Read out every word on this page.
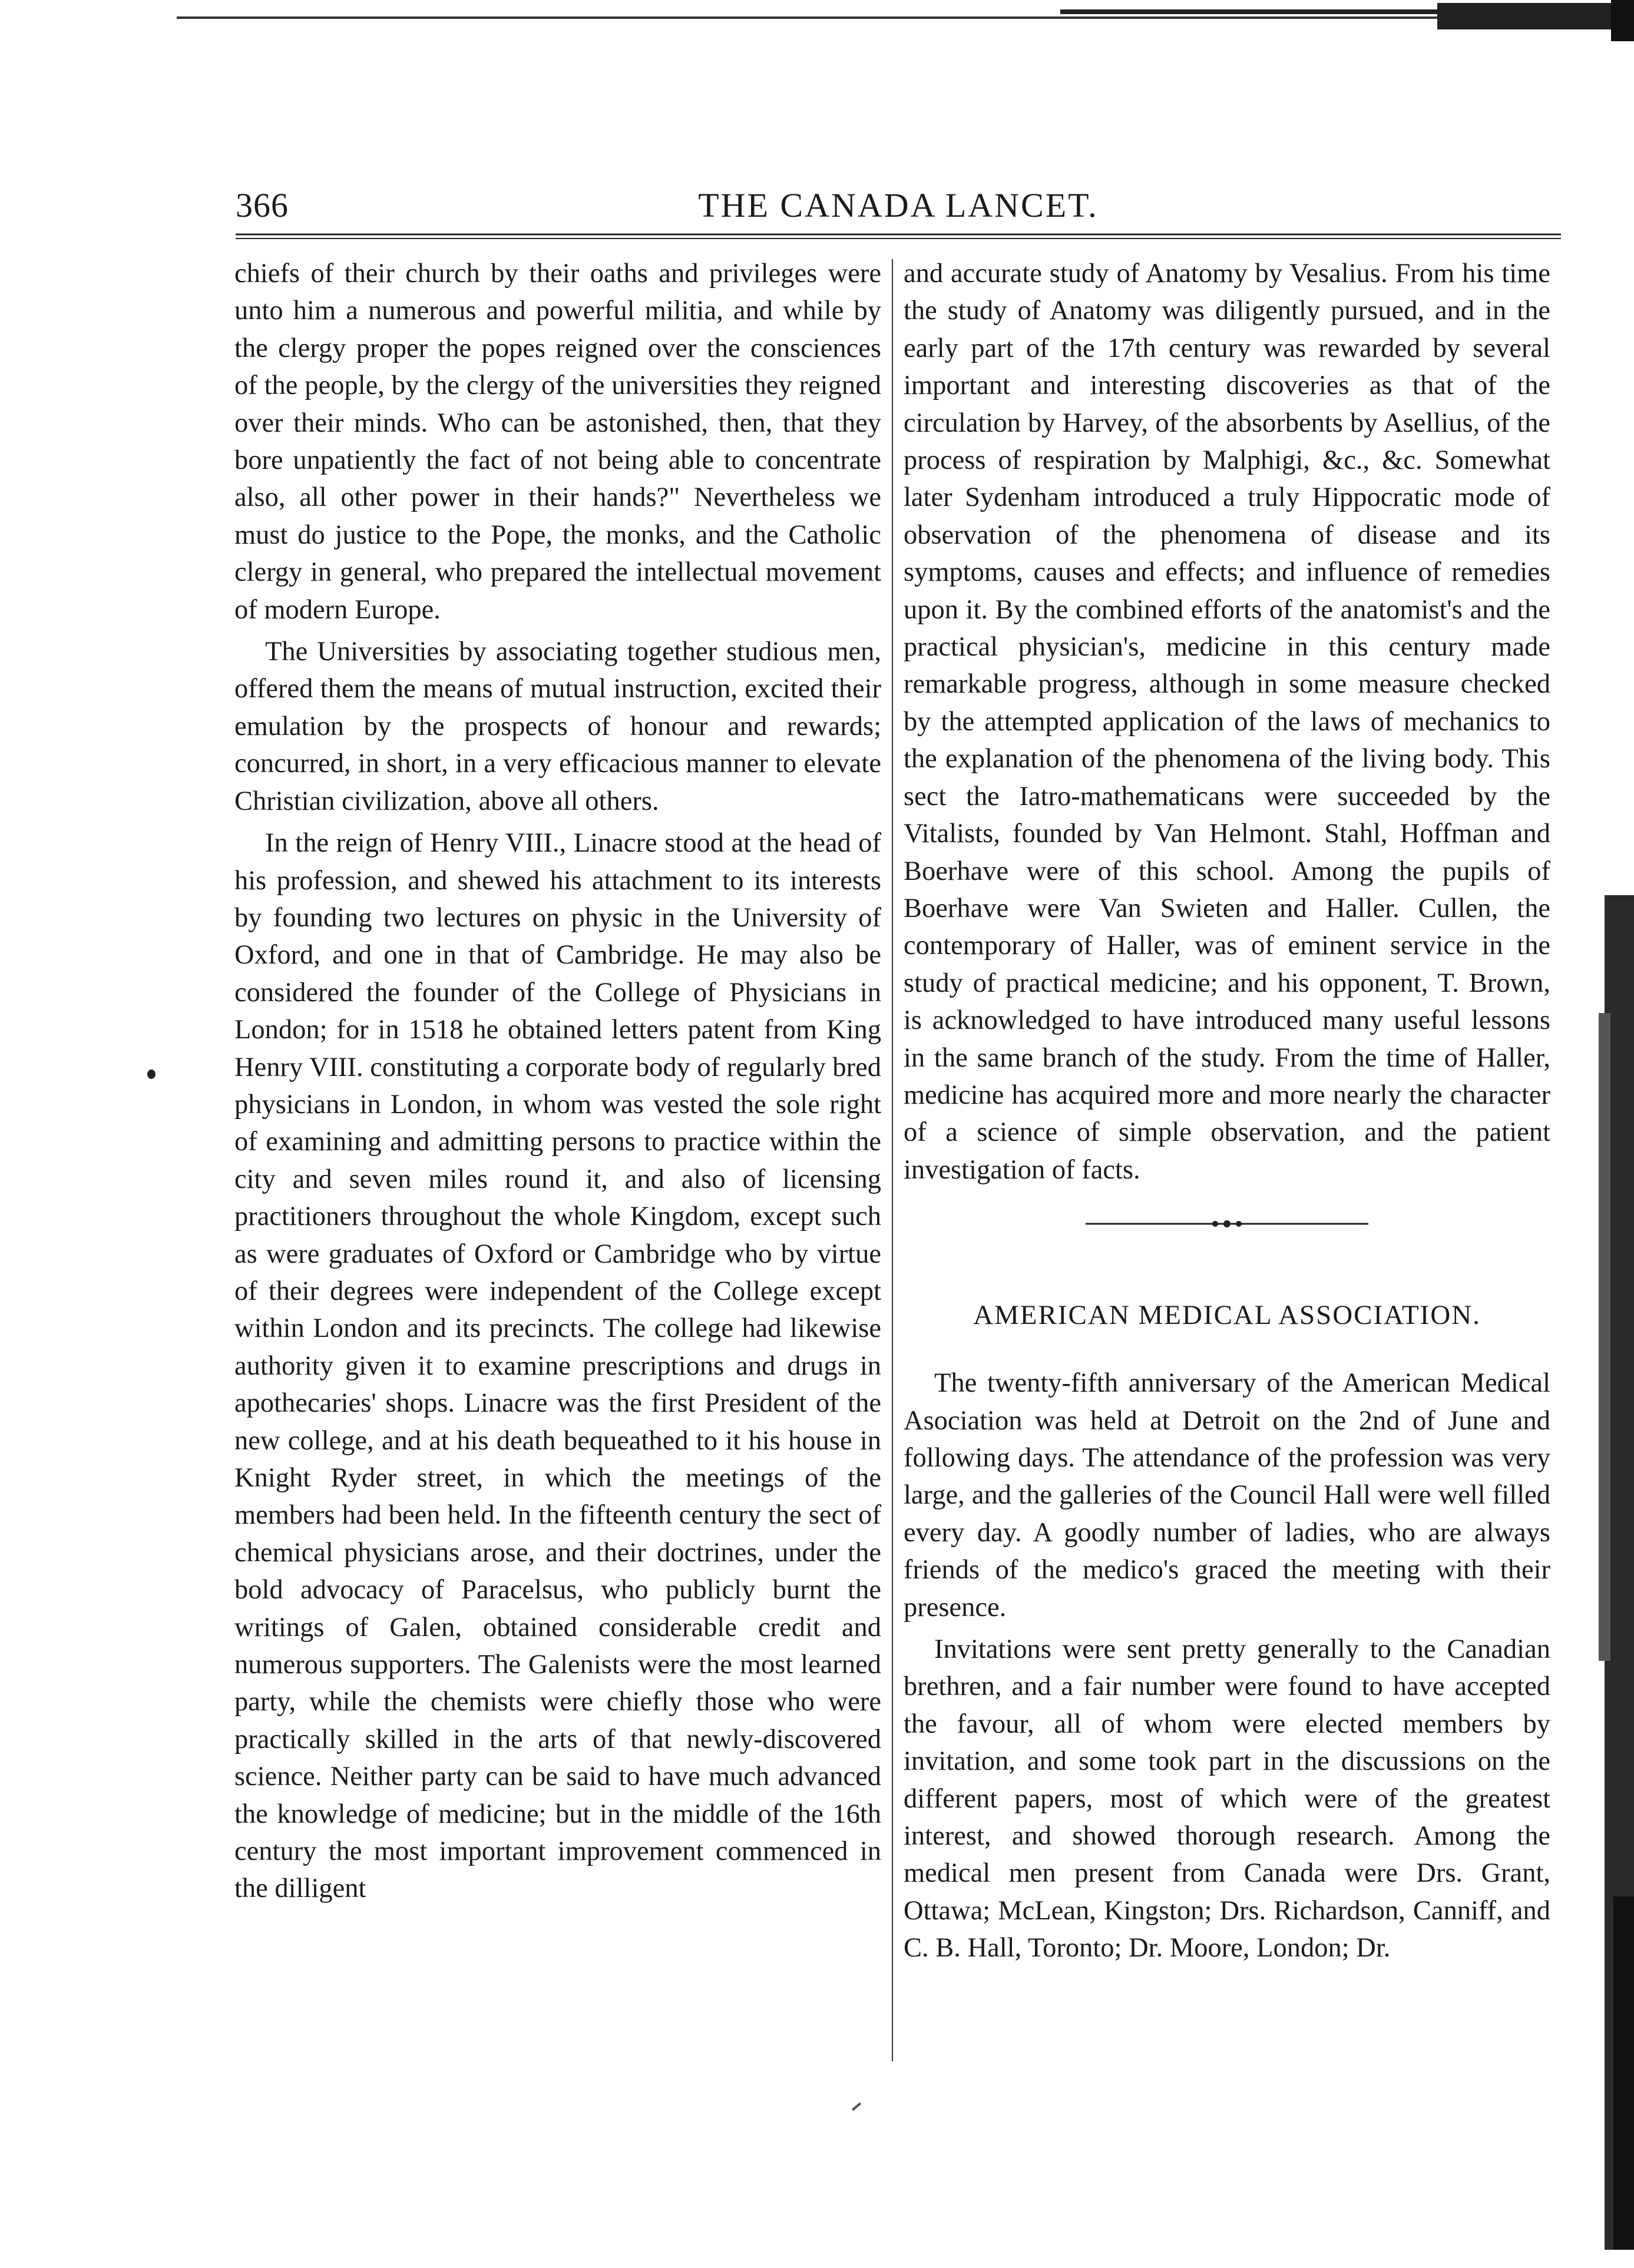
366	THE CANADA LANCET.

chiefs of their church by their oaths and privileges were unto him a numerous and powerful militia, and while by the clergy proper the popes reigned over the consciences of the people, by the clergy of the universities they reigned over their minds. Who can be astonished, then, that they bore unpatiently the fact of not being able to concentrate also, all other power in their hands?" Nevertheless we must do justice to the Pope, the monks, and the Catholic clergy in general, who prepared the intellectual movement of modern Europe.

The Universities by associating together studious men, offered them the means of mutual instruction, excited their emulation by the prospects of honour and rewards; concurred, in short, in a very efficacious manner to elevate Christian civilization, above all others.

In the reign of Henry VIII., Linacre stood at the head of his profession, and shewed his attachment to its interests by founding two lectures on physic in the University of Oxford, and one in that of Cambridge. He may also be considered the founder of the College of Physicians in London; for in 1518 he obtained letters patent from King Henry VIII. constituting a corporate body of regularly bred physicians in London, in whom was vested the sole right of examining and admitting persons to practice within the city and seven miles round it, and also of licensing practitioners throughout the whole Kingdom, except such as were graduates of Oxford or Cambridge who by virtue of their degrees were independent of the College except within London and its precincts. The college had likewise authority given it to examine prescriptions and drugs in apothecaries' shops. Linacre was the first President of the new college, and at his death bequeathed to it his house in Knight Ryder street, in which the meetings of the members had been held. In the fifteenth century the sect of chemical physicians arose, and their doctrines, under the bold advocacy of Paracelsus, who publicly burnt the writings of Galen, obtained considerable credit and numerous supporters. The Galenists were the most learned party, while the chemists were chiefly those who were practically skilled in the arts of that newly-discovered science. Neither party can be said to have much advanced the knowledge of medicine; but in the middle of the 16th century the most important improvement commenced in the dilligent

and accurate study of Anatomy by Vesalius. From his time the study of Anatomy was diligently pursued, and in the early part of the 17th century was rewarded by several important and interesting discoveries as that of the circulation by Harvey, of the absorbents by Asellius, of the process of respiration by Malphigi, &c., &c. Somewhat later Sydenham introduced a truly Hippocratic mode of observation of the phenomena of disease and its symptoms, causes and effects; and influence of remedies upon it. By the combined efforts of the anatomist's and the practical physician's, medicine in this century made remarkable progress, although in some measure checked by the attempted application of the laws of mechanics to the explanation of the phenomena of the living body. This sect the Iatro-mathematicans were succeeded by the Vitalists, founded by Van Helmont. Stahl, Hoffman and Boerhave were of this school. Among the pupils of Boerhave were Van Swieten and Haller. Cullen, the contemporary of Haller, was of eminent service in the study of practical medicine; and his opponent, T. Brown, is acknowledged to have introduced many useful lessons in the same branch of the study. From the time of Haller, medicine has acquired more and more nearly the character of a science of simple observation, and the patient investigation of facts.

AMERICAN MEDICAL ASSOCIATION.

The twenty-fifth anniversary of the American Medical Asociation was held at Detroit on the 2nd of June and following days. The attendance of the profession was very large, and the galleries of the Council Hall were well filled every day. A goodly number of ladies, who are always friends of the medico's graced the meeting with their presence.

Invitations were sent pretty generally to the Canadian brethren, and a fair number were found to have accepted the favour, all of whom were elected members by invitation, and some took part in the discussions on the different papers, most of which were of the greatest interest, and showed thorough research. Among the medical men present from Canada were Drs. Grant, Ottawa; McLean, Kingston; Drs. Richardson, Canniff, and C. B. Hall, Toronto; Dr. Moore, London; Dr.
